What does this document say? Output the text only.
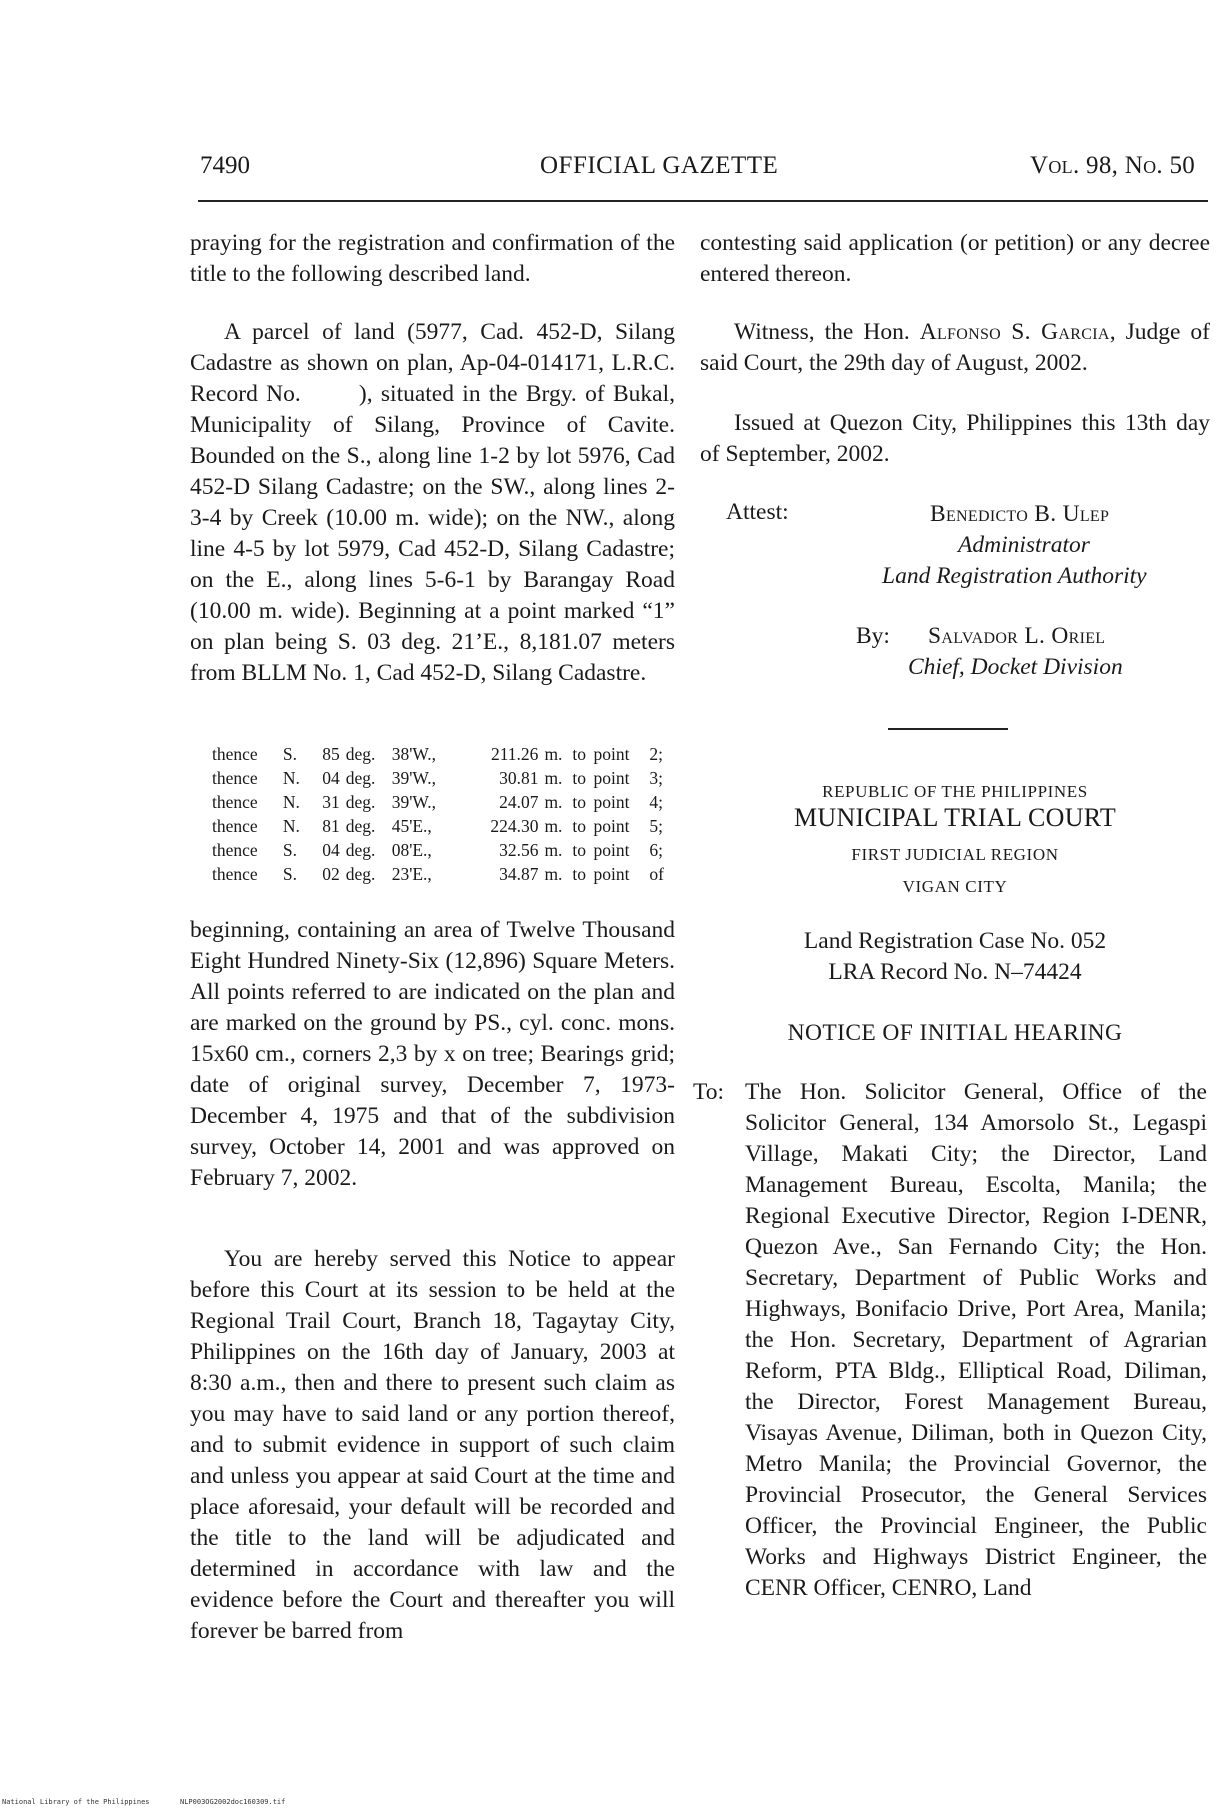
7490	OFFICIAL GAZETTE	Vol. 98, No. 50

praying for the registration and confirmation of the title to the following described land.

A parcel of land (5977, Cad. 452-D, Silang Cadastre as shown on plan, Ap-04-014171, L.R.C. Record No.       ), situated in the Brgy. of Bukal, Municipality of Silang, Province of Cavite. Bounded on the S., along line 1-2 by lot 5976, Cad 452-D Silang Cadastre; on the SW., along lines 2-3-4 by Creek (10.00 m. wide); on the NW., along line 4-5 by lot 5979, Cad 452-D, Silang Cadastre; on the E., along lines 5-6-1 by Barangay Road (10.00 m. wide). Beginning at a point marked “1” on plan being S. 03 deg. 21’E., 8,181.07 meters from BLLM No. 1, Cad 452-D, Silang Cadastre.

thence	S.	85	deg.	38'W.,	211.26	m.	to	point	2;
thence	N.	04	deg.	39'W.,	30.81	m.	to	point	3;
thence	N.	31	deg.	39'W.,	24.07	m.	to	point	4;
thence	N.	81	deg.	45'E.,	224.30	m.	to	point	5;
thence	S.	04	deg.	08'E.,	32.56	m.	to	point	6;
thence	S.	02	deg.	23'E.,	34.87	m.	to	point	of

beginning, containing an area of Twelve Thousand Eight Hundred Ninety-Six (12,896) Square Meters. All points referred to are indicated on the plan and are marked on the ground by PS., cyl. conc. mons. 15x60 cm., corners 2,3 by x on tree; Bearings grid; date of original survey, December 7, 1973-December 4, 1975 and that of the subdivision survey, October 14, 2001 and was approved on February 7, 2002.

You are hereby served this Notice to appear before this Court at its session to be held at the Regional Trail Court, Branch 18, Tagaytay City, Philippines on the 16th day of January, 2003 at 8:30 a.m., then and there to present such claim as you may have to said land or any portion thereof, and to submit evidence in support of such claim and unless you appear at said Court at the time and place aforesaid, your default will be recorded and the title to the land will be adjudicated and determined in accordance with law and the evidence before the Court and thereafter you will forever be barred from

contesting said application (or petition) or any decree entered thereon.

Witness, the Hon. Alfonso S. Garcia, Judge of said Court, the 29th day of August, 2002.

Issued at Quezon City, Philippines this 13th day of September, 2002.

Attest:	Benedicto B. Ulep
Administrator
Land Registration Authority
By: Salvador L. Oriel
Chief, Docket Division
REPUBLIC OF THE PHILIPPINES
MUNICIPAL TRIAL COURT
FIRST JUDICIAL REGION
VIGAN CITY
Land Registration Case No. 052
LRA Record No. N–74424
NOTICE OF INITIAL HEARING
To: The Hon. Solicitor General, Office of the Solicitor General, 134 Amorsolo St., Legaspi Village, Makati City; the Director, Land Management Bureau, Escolta, Manila; the Regional Executive Director, Region I-DENR, Quezon Ave., San Fernando City; the Hon. Secretary, Department of Public Works and Highways, Bonifacio Drive, Port Area, Manila; the Hon. Secretary, Department of Agrarian Reform, PTA Bldg., Elliptical Road, Diliman, the Director, Forest Management Bureau, Visayas Avenue, Diliman, both in Quezon City, Metro Manila; the Provincial Governor, the Provincial Prosecutor, the General Services Officer, the Provincial Engineer, the Public Works and Highways District Engineer, the CENR Officer, CENRO, Land

National Library of the Philippines	NLP003OG2002doc160309.tif
